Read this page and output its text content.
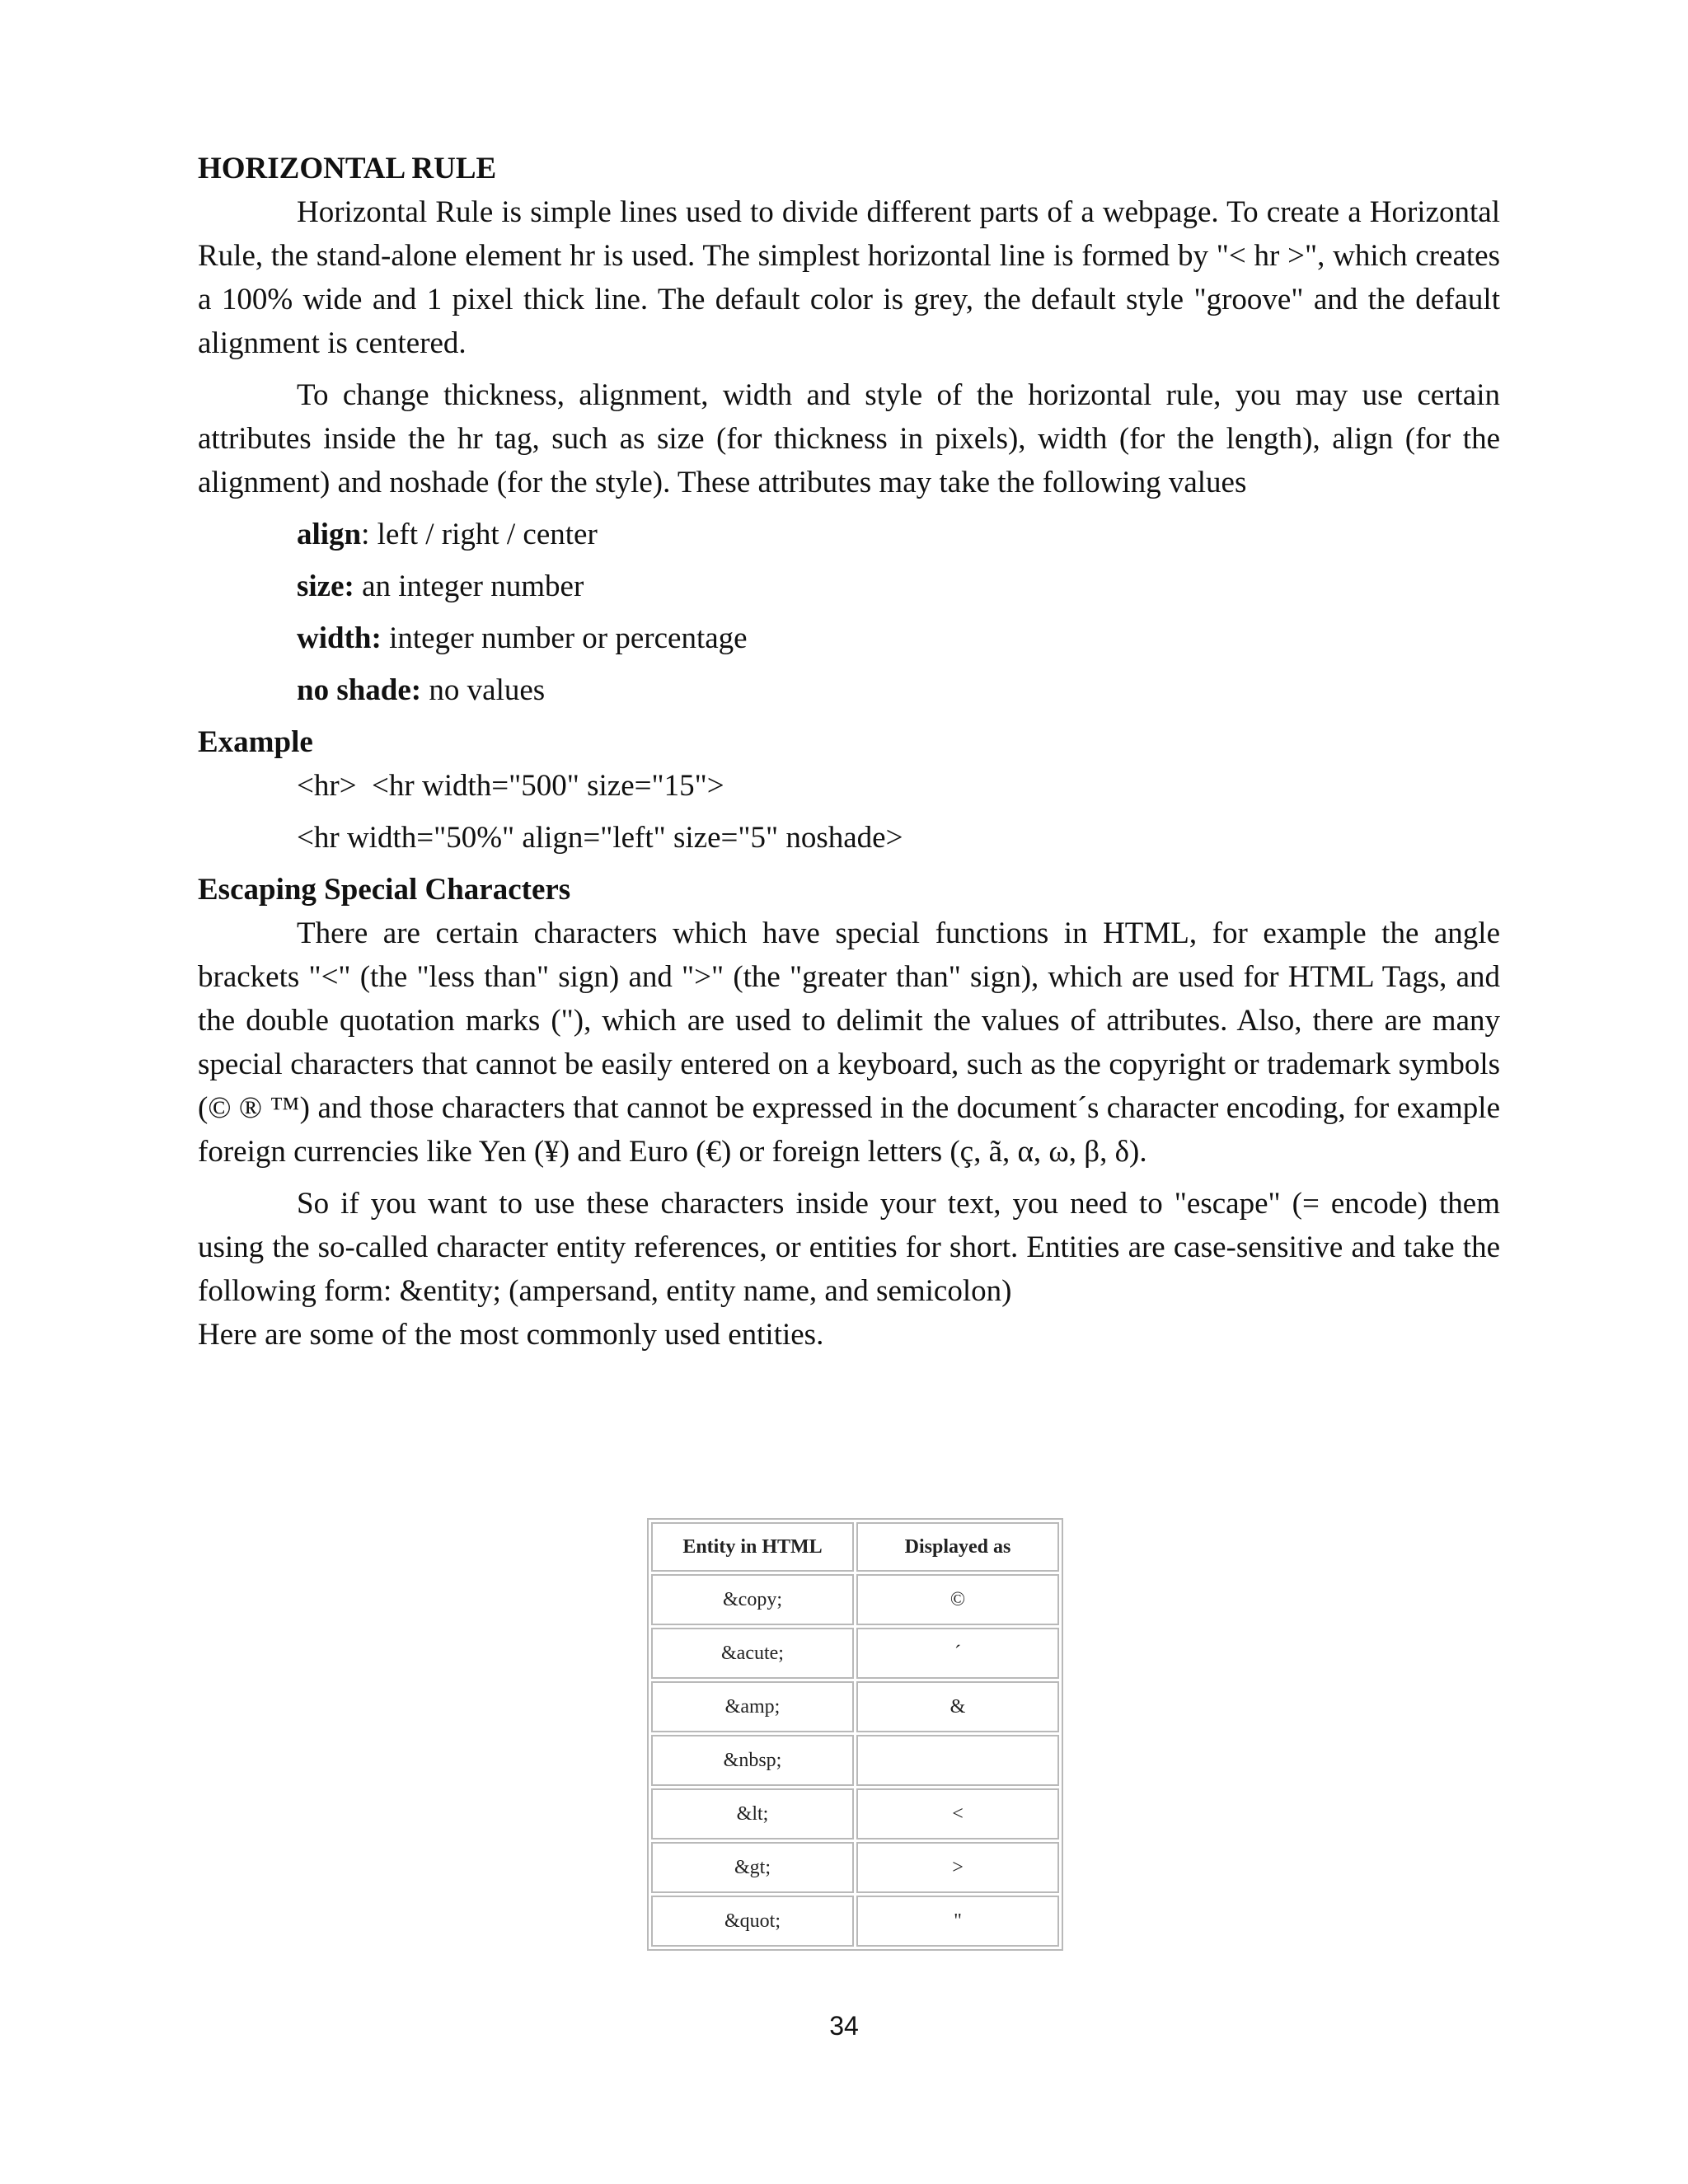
HORIZONTAL RULE

Horizontal Rule is simple lines used to divide different parts of a webpage. To create a Horizontal Rule, the stand-alone element hr is used. The simplest horizontal line is formed by "< hr >", which creates a 100% wide and 1 pixel thick line. The default color is grey, the default style "groove" and the default alignment is centered.

To change thickness, alignment, width and style of the horizontal rule, you may use certain attributes inside the hr tag, such as size (for thickness in pixels), width (for the length), align (for the alignment) and noshade (for the style). These attributes may take the following values

align: left / right / center
size: an integer number
width: integer number or percentage
no shade: no values

Example

<hr>  <hr width="500" size="15">
<hr width="50%" align="left" size="5" noshade>

Escaping Special Characters

There are certain characters which have special functions in HTML, for example the angle brackets "<" (the "less than" sign) and ">" (the "greater than" sign), which are used for HTML Tags, and the double quotation marks ("), which are used to delimit the values of attributes. Also, there are many special characters that cannot be easily entered on a keyboard, such as the copyright or trademark symbols (© ® ™) and those characters that cannot be expressed in the document´s character encoding, for example foreign currencies like Yen (¥) and Euro (€) or foreign letters (ç, ã, α, ω, β, δ).

So if you want to use these characters inside your text, you need to "escape" (= encode) them using the so-called character entity references, or entities for short. Entities are case-sensitive and take the following form: &entity; (ampersand, entity name, and semicolon)

Here are some of the most commonly used entities.

Entity in HTML	Displayed as
&copy;	©
&acute;	´
&amp;	&
&nbsp;	
&lt;	<
&gt;	>
&quot;	"
34
